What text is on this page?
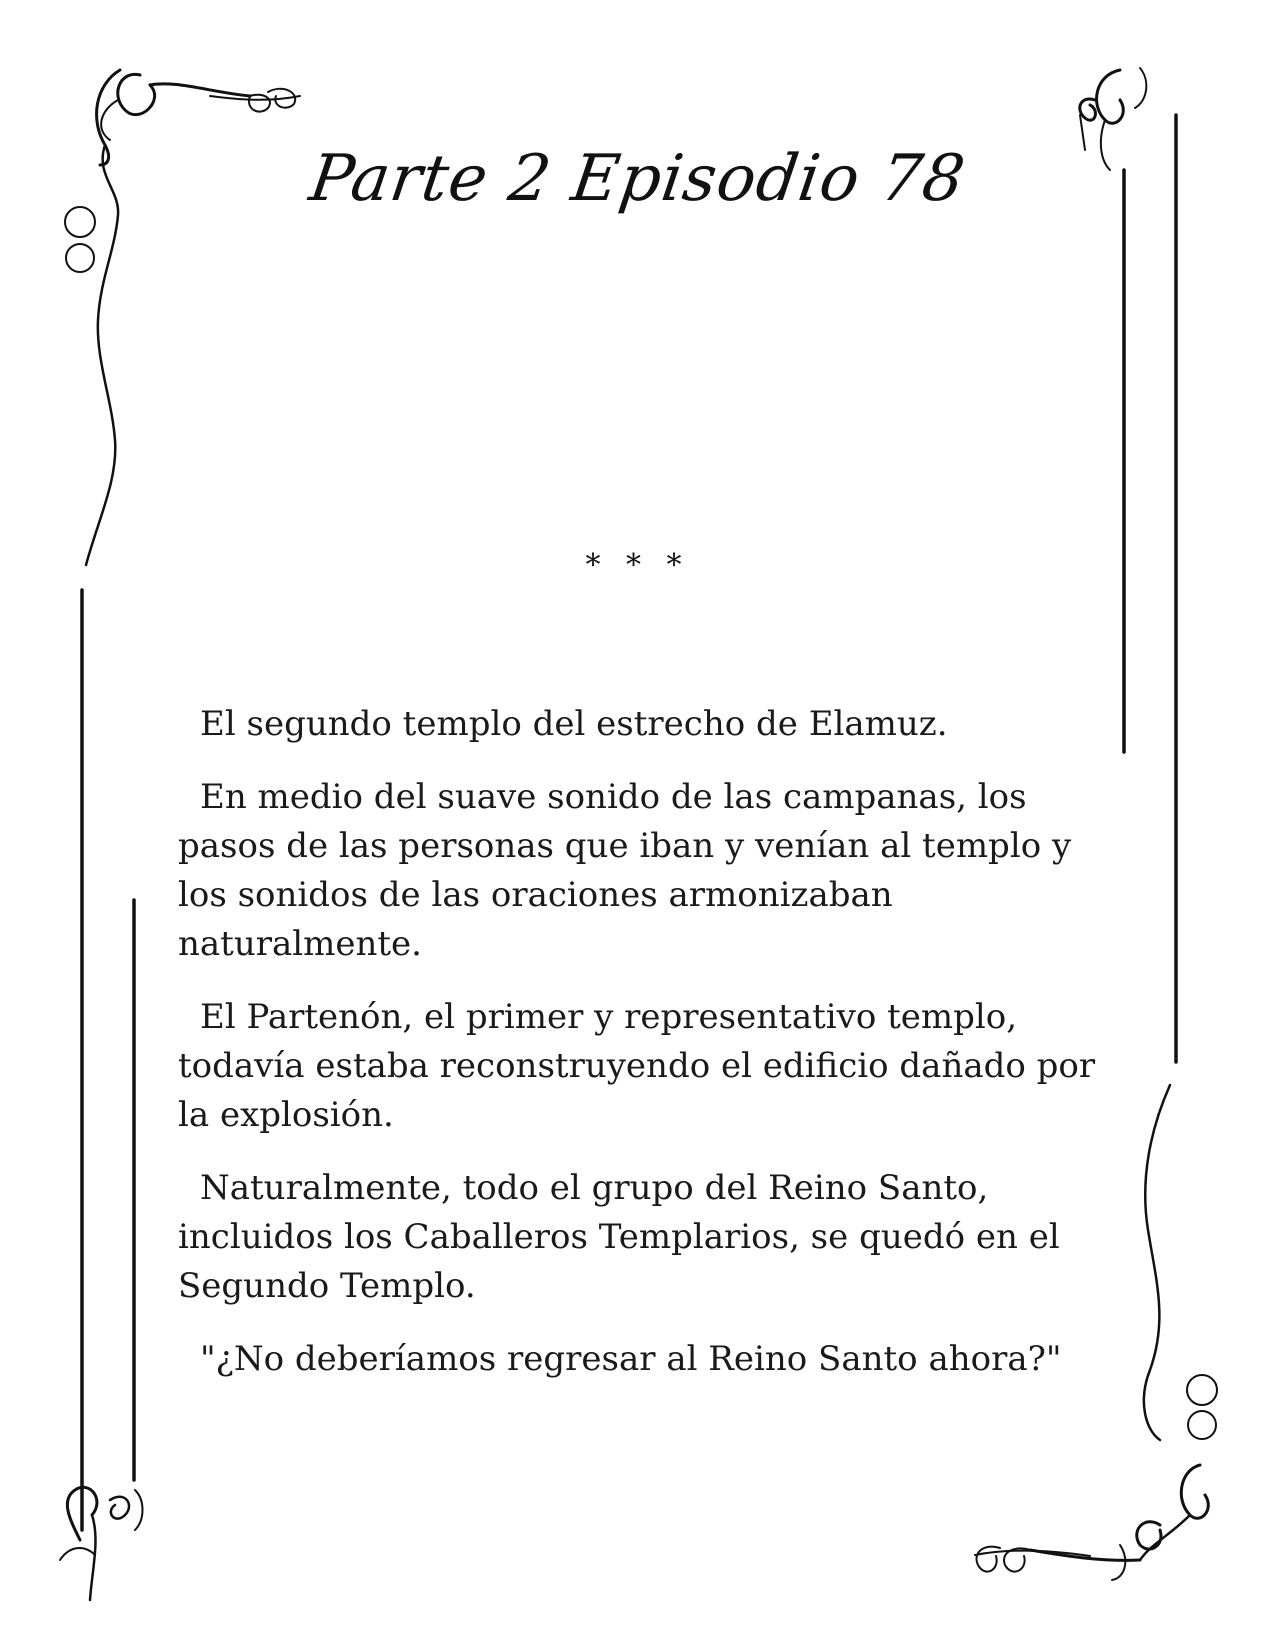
Parte 2 Episodio 78
* * *

El segundo templo del estrecho de Elamuz.

En medio del suave sonido de las campanas, los pasos de las personas que iban y venían al templo y los sonidos de las oraciones armonizaban naturalmente.

El Partenón, el primer y representativo templo, todavía estaba reconstruyendo el edificio dañado por la explosión.

Naturalmente, todo el grupo del Reino Santo, incluidos los Caballeros Templarios, se quedó en el Segundo Templo.

"¿No deberíamos regresar al Reino Santo ahora?"
